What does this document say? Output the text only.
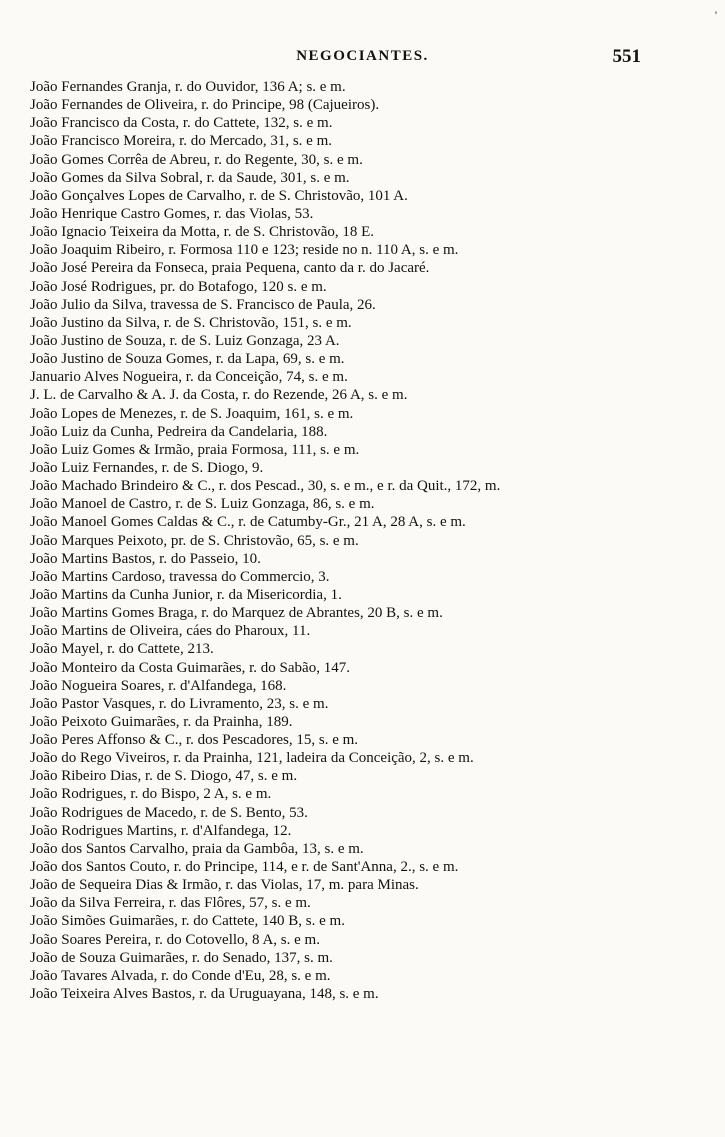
'
NEGOCIANTES.	551
João Fernandes Granja, r. do Ouvidor, 136 A; s. e m.
João Fernandes de Oliveira, r. do Principe, 98 (Cajueiros).
João Francisco da Costa, r. do Cattete, 132, s. e m.
João Francisco Moreira, r. do Mercado, 31, s. e m.
João Gomes Corrêa de Abreu, r. do Regente, 30, s. e m.
João Gomes da Silva Sobral, r. da Saude, 301, s. e m.
João Gonçalves Lopes de Carvalho, r. de S. Christovão, 101 A.
João Henrique Castro Gomes, r. das Violas, 53.
João Ignacio Teixeira da Motta, r. de S. Christovão, 18 E.
João Joaquim Ribeiro, r. Formosa 110 e 123; reside no n. 110 A, s. e m.
João José Pereira da Fonseca, praia Pequena, canto da r. do Jacaré.
João José Rodrigues, pr. do Botafogo, 120 s. e m.
João Julio da Silva, travessa de S. Francisco de Paula, 26.
João Justino da Silva, r. de S. Christovão, 151, s. e m.
João Justino de Souza, r. de S. Luiz Gonzaga, 23 A.
João Justino de Souza Gomes, r. da Lapa, 69, s. e m.
Januario Alves Nogueira, r. da Conceição, 74, s. e m.
J. L. de Carvalho & A. J. da Costa, r. do Rezende, 26 A, s. e m.
João Lopes de Menezes, r. de S. Joaquim, 161, s. e m.
João Luiz da Cunha, Pedreira da Candelaria, 188.
João Luiz Gomes & Irmão, praia Formosa, 111, s. e m.
João Luiz Fernandes, r. de S. Diogo, 9.
João Machado Brindeiro & C., r. dos Pescad., 30, s. e m., e r. da Quit., 172, m.
João Manoel de Castro, r. de S. Luiz Gonzaga, 86, s. e m.
João Manoel Gomes Caldas & C., r. de Catumby-Gr., 21 A, 28 A, s. e m.
João Marques Peixoto, pr. de S. Christovão, 65, s. e m.
João Martins Bastos, r. do Passeio, 10.
João Martins Cardoso, travessa do Commercio, 3.
João Martins da Cunha Junior, r. da Misericordia, 1.
João Martins Gomes Braga, r. do Marquez de Abrantes, 20 B, s. e m.
João Martins de Oliveira, cáes do Pharoux, 11.
João Mayel, r. do Cattete, 213.
João Monteiro da Costa Guimarães, r. do Sabão, 147.
João Nogueira Soares, r. d'Alfandega, 168.
João Pastor Vasques, r. do Livramento, 23, s. e m.
João Peixoto Guimarães, r. da Prainha, 189.
João Peres Affonso & C., r. dos Pescadores, 15, s. e m.
João do Rego Viveiros, r. da Prainha, 121, ladeira da Conceição, 2, s. e m.
João Ribeiro Dias, r. de S. Diogo, 47, s. e m.
João Rodrigues, r. do Bispo, 2 A, s. e m.
João Rodrigues de Macedo, r. de S. Bento, 53.
João Rodrigues Martins, r. d'Alfandega, 12.
João dos Santos Carvalho, praia da Gambôa, 13, s. e m.
João dos Santos Couto, r. do Principe, 114, e r. de Sant'Anna, 2., s. e m.
João de Sequeira Dias & Irmão, r. das Violas, 17, m. para Minas.
João da Silva Ferreira, r. das Flôres, 57, s. e m.
João Simões Guimarães, r. do Cattete, 140 B, s. e m.
João Soares Pereira, r. do Cotovello, 8 A, s. e m.
João de Souza Guimarães, r. do Senado, 137, s. m.
João Tavares Alvada, r. do Conde d'Eu, 28, s. e m.
João Teixeira Alves Bastos, r. da Uruguayana, 148, s. e m.
